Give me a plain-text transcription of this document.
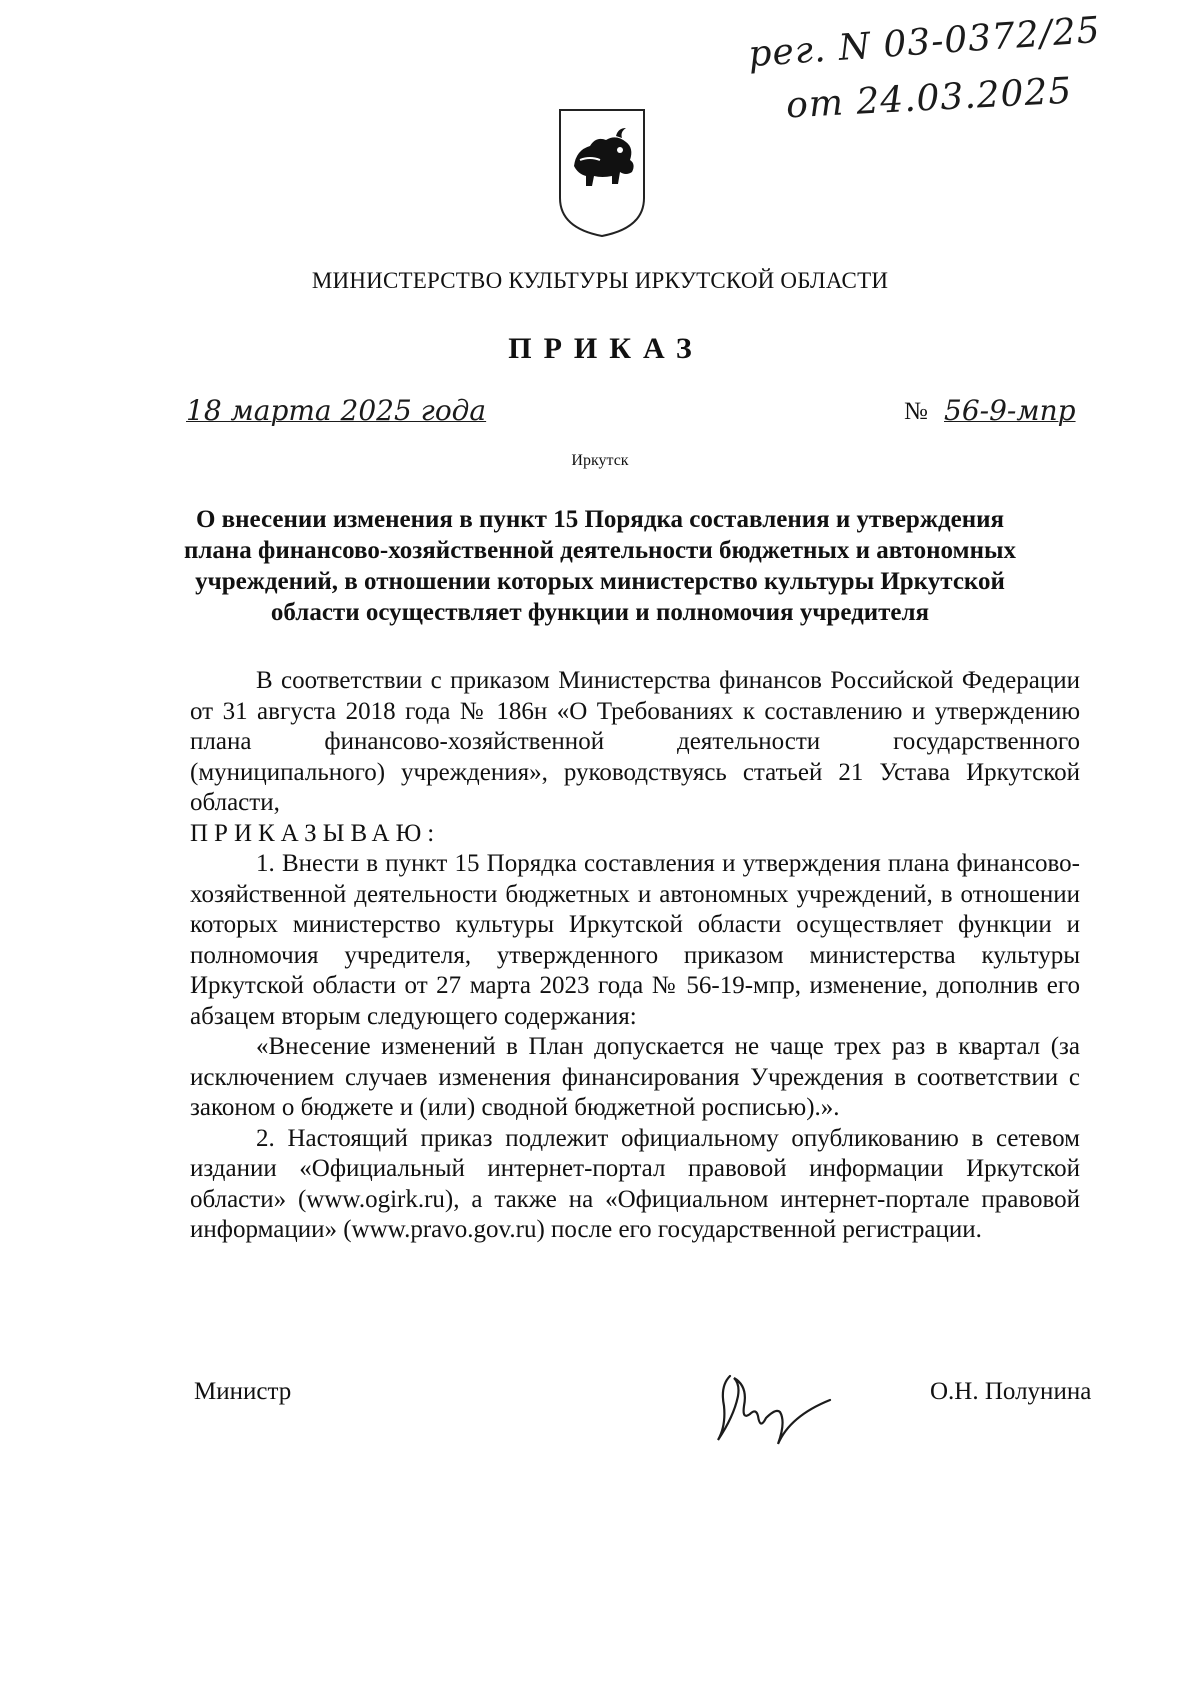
рег. N 03-0372/25
от 24.03.2025
МИНИСТЕРСТВО КУЛЬТУРЫ ИРКУТСКОЙ ОБЛАСТИ
ПРИКАЗ
18 марта 2025 года	№ 56-9-мпр
Иркутск
О внесении изменения в пункт 15 Порядка составления и утверждения плана финансово-хозяйственной деятельности бюджетных и автономных учреждений, в отношении которых министерство культуры Иркутской области осуществляет функции и полномочия учредителя

В соответствии с приказом Министерства финансов Российской Федерации от 31 августа 2018 года № 186н «О Требованиях к составлению и утверждению плана финансово-хозяйственной деятельности государственного (муниципального) учреждения», руководствуясь статьей 21 Устава Иркутской области,

ПРИКАЗЫВАЮ:

1. Внести в пункт 15 Порядка составления и утверждения плана финансово-хозяйственной деятельности бюджетных и автономных учреждений, в отношении которых министерство культуры Иркутской области осуществляет функции и полномочия учредителя, утвержденного приказом министерства культуры Иркутской области от 27 марта 2023 года № 56-19-мпр, изменение, дополнив его абзацем вторым следующего содержания:

«Внесение изменений в План допускается не чаще трех раз в квартал (за исключением случаев изменения финансирования Учреждения в соответствии с законом о бюджете и (или) сводной бюджетной росписью).».

2. Настоящий приказ подлежит официальному опубликованию в сетевом издании «Официальный интернет-портал правовой информации Иркутской области» (www.ogirk.ru), а также на «Официальном интернет-портале правовой информации» (www.pravo.gov.ru) после его государственной регистрации.

Министр	О.Н. Полунина
